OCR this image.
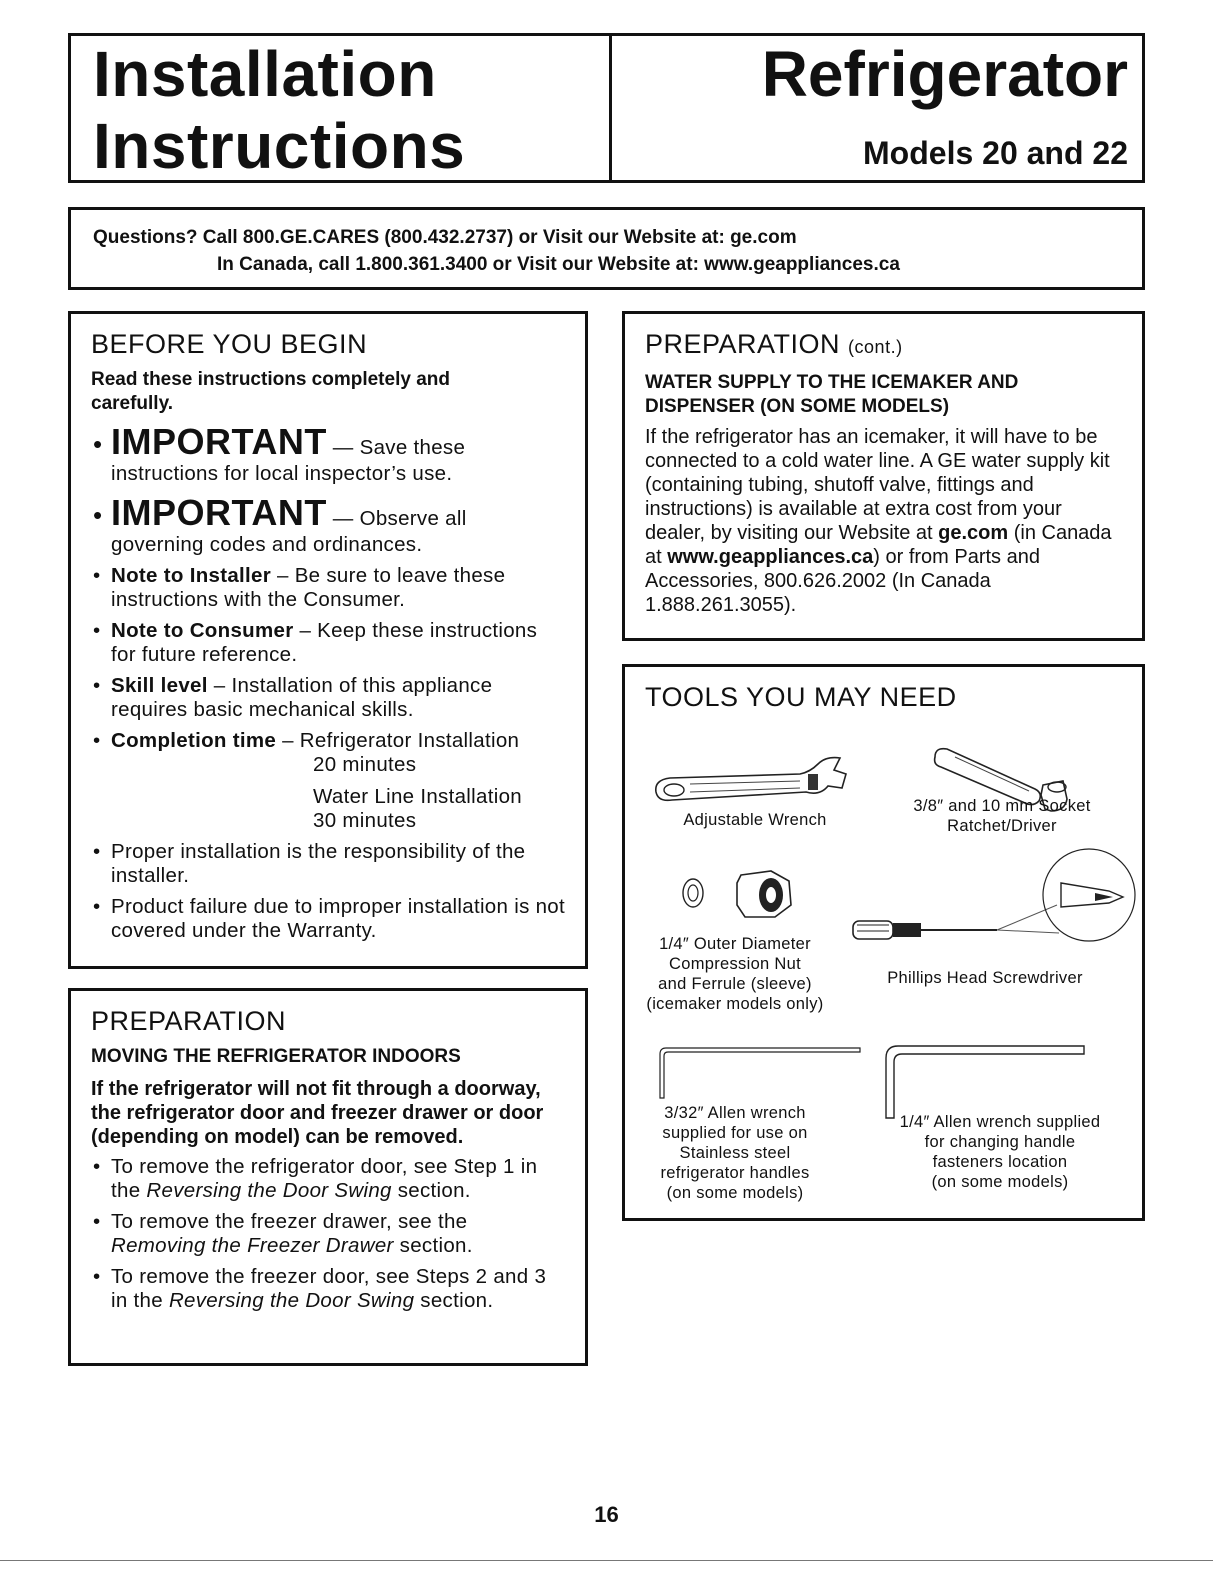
Installation
Instructions
Refrigerator
Models 20 and 22
Questions? Call 800.GE.CARES (800.432.2737) or Visit our Website at: ge.com
In Canada, call 1.800.361.3400 or Visit our Website at: www.geappliances.ca
BEFORE YOU BEGIN
Read these instructions completely and carefully.
• IMPORTANT — Save these instructions for local inspector’s use.
• IMPORTANT — Observe all governing codes and ordinances.
• Note to Installer – Be sure to leave these instructions with the Consumer.
• Note to Consumer – Keep these instructions for future reference.
• Skill level – Installation of this appliance requires basic mechanical skills.
• Completion time – Refrigerator Installation
20 minutes
Water Line Installation
30 minutes
• Proper installation is the responsibility of the installer.
• Product failure due to improper installation is not covered under the Warranty.
PREPARATION
MOVING THE REFRIGERATOR INDOORS
If the refrigerator will not fit through a doorway, the refrigerator door and freezer drawer or door (depending on model) can be removed.
• To remove the refrigerator door, see Step 1 in the Reversing the Door Swing section.
• To remove the freezer drawer, see the Removing the Freezer Drawer section.
• To remove the freezer door, see Steps 2 and 3 in the Reversing the Door Swing section.
PREPARATION (cont.)
WATER SUPPLY TO THE ICEMAKER AND DISPENSER (ON SOME MODELS)
If the refrigerator has an icemaker, it will have to be connected to a cold water line. A GE water supply kit (containing tubing, shutoff valve, fittings and instructions) is available at extra cost from your dealer, by visiting our Website at ge.com (in Canada at www.geappliances.ca) or from Parts and Accessories, 800.626.2002 (In Canada 1.888.261.3055).
TOOLS YOU MAY NEED
Adjustable Wrench
3/8″ and 10 mm Socket
Ratchet/Driver
1/4″ Outer Diameter
Compression Nut
and Ferrule (sleeve)
(icemaker models only)
Phillips Head Screwdriver
3/32″ Allen wrench
supplied for use on
Stainless steel
refrigerator handles
(on some models)
1/4″ Allen wrench supplied
for changing handle
fasteners location
(on some models)
16
